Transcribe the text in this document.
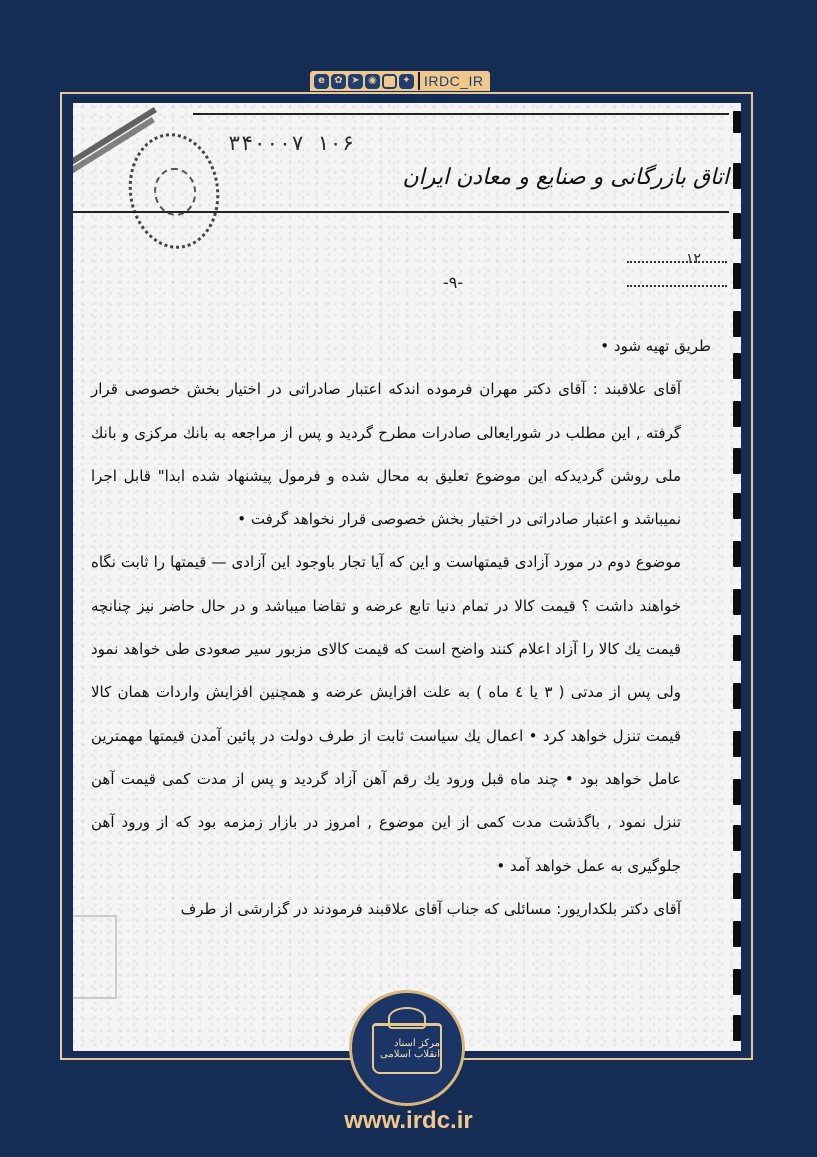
e ✿ ➤ ◉	✦ IRDC_IR
٣۴١٠ ٠٠٠٧۶
اتاق بازرگانی و صنایع و معادن ایران
١٢
-٩-

طریق تهیه شود •

آقای علاقبند : آقای دکتر مهران فرموده اندکه اعتبار صادراتی در اختیار بخش خصوصی قرار گرفته , این مطلب در شورایعالی صادرات مطرح گردید و پس از مراجعه به بانك مرکزی و بانك ملی روشن گردیدکه این موضوع تعلیق به محال شده و فرمول پیشنهاد شده ابدا" قابل اجرا نمیباشد و اعتبار صادراتی در اختیار بخش خصوصی قرار نخواهد گرفت •

موضوع دوم در مورد آزادی قیمتهاست و این که آیا تجار باوجود این آزادی — قیمتها را ثابت نگاه خواهند داشت ؟ قیمت کالا در تمام دنیا تابع عرضه و تقاضا میباشد و در حال حاضر نیز چنانچه قیمت یك کالا را آزاد اعلام کنند واضح است که قیمت کالای مزبور سیر صعودی طی خواهد نمود ولی پس از مدتی ( ٣ یا ٤ ماه ) به علت افزایش عرضه و همچنین افزایش واردات همان کالا قیمت تنزل خواهد کرد • اعمال یك سیاست ثابت از طرف دولت در پائین آمدن قیمتها مهمترین عامل خواهد بود • چند ماه قبل ورود یك رقم آهن آزاد گردید و پس از مدت کمی قیمت آهن تنزل نمود , باگذشت مدت کمی از این موضوع , امروز در بازار زمزمه بود که از ورود آهن جلوگیری به عمل خواهد آمد •

آقای دکتر بلکداریور: مسائلی که جناب آقای علاقبند فرمودند در گزارشی از طرف

مرکز اسناد انقلاب اسلامی
www.irdc.ir
